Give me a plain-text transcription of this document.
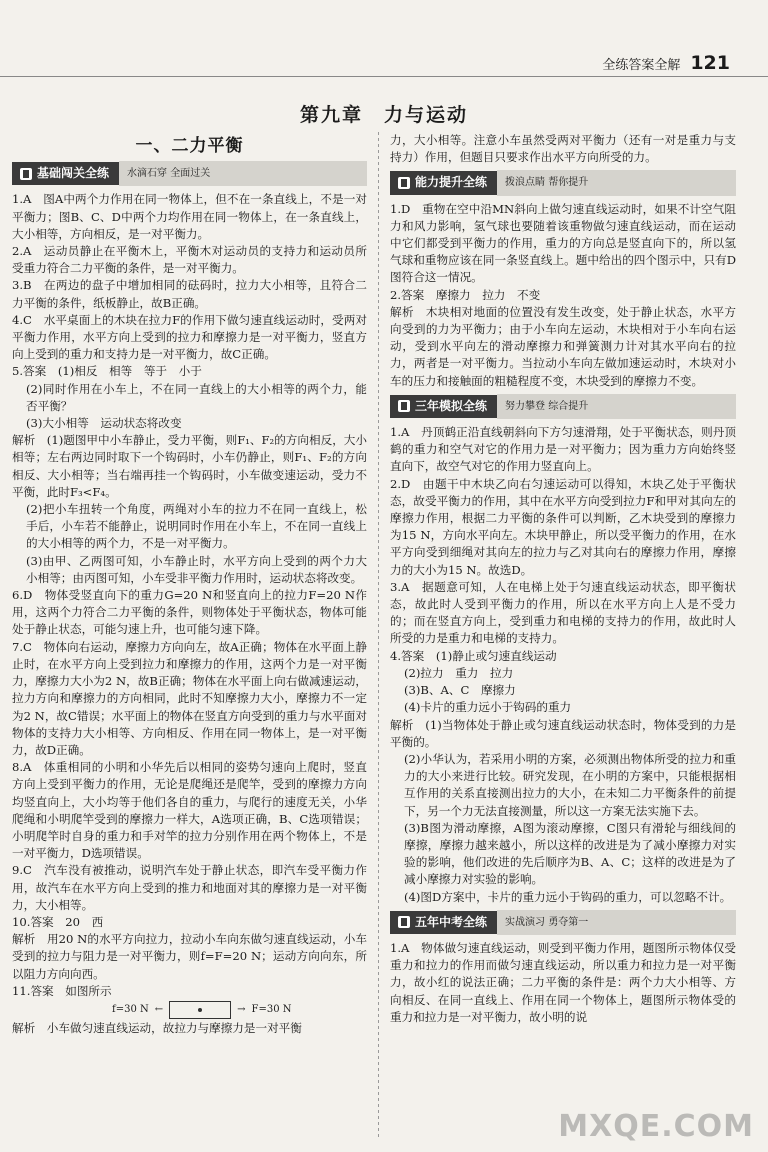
全练答案全解 121
第九章　力与运动
一、二力平衡
基础闯关全练	水滴石穿 全面过关

1.A　图A中两个力作用在同一物体上，但不在一条直线上，不是一对平衡力；图B、C、D中两个力均作用在同一物体上，在一条直线上，大小相等，方向相反，是一对平衡力。

2.A　运动员静止在平衡木上，平衡木对运动员的支持力和运动员所受重力符合二力平衡的条件，是一对平衡力。

3.B　在两边的盘子中增加相同的砝码时，拉力大小相等，且符合二力平衡的条件，纸板静止，故B正确。

4.C　水平桌面上的木块在拉力F的作用下做匀速直线运动时，受两对平衡力作用，水平方向上受到的拉力和摩擦力是一对平衡力，竖直方向上受到的重力和支持力是一对平衡力，故C正确。

5.答案　(1)相反　相等　等于　小于

(2)同时作用在小车上，不在同一直线上的大小相等的两个力，能否平衡？

(3)大小相等　运动状态将改变

解析　(1)题图甲中小车静止，受力平衡，则F₁、F₂的方向相反，大小相等；左右两边同时取下一个钩码时，小车仍静止，则F₁、F₂的方向相反、大小相等；当右端再挂一个钩码时，小车做变速运动，受力不平衡，此时F₃<F₄。

(2)把小车扭转一个角度，两绳对小车的拉力不在同一直线上，松手后，小车若不能静止，说明同时作用在小车上，不在同一直线上的大小相等的两个力，不是一对平衡力。

(3)由甲、乙两图可知，小车静止时，水平方向上受到的两个力大小相等；由丙图可知，小车受非平衡力作用时，运动状态将改变。

6.D　物体受竖直向下的重力G=20 N和竖直向上的拉力F=20 N作用，这两个力符合二力平衡的条件，则物体处于平衡状态，物体可能处于静止状态，可能匀速上升，也可能匀速下降。

7.C　物体向右运动，摩擦力方向向左，故A正确；物体在水平面上静止时，在水平方向上受到拉力和摩擦力的作用，这两个力是一对平衡力，摩擦力大小为2 N，故B正确；物体在水平面上向右做减速运动，拉力方向和摩擦力的方向相同，此时不知摩擦力大小，摩擦力不一定为2 N，故C错误；水平面上的物体在竖直方向受到的重力与水平面对物体的支持力大小相等、方向相反、作用在同一物体上，是一对平衡力，故D正确。

8.A　体重相同的小明和小华先后以相同的姿势匀速向上爬时，竖直方向上受到平衡力的作用，无论是爬绳还是爬竿，受到的摩擦力方向均竖直向上，大小均等于他们各自的重力，与爬行的速度无关，小华爬绳和小明爬竿受到的摩擦力一样大，A选项正确，B、C选项错误；小明爬竿时自身的重力和手对竿的拉力分别作用在两个物体上，不是一对平衡力，D选项错误。

9.C　汽车没有被推动，说明汽车处于静止状态，即汽车受平衡力作用，故汽车在水平方向上受到的推力和地面对其的摩擦力是一对平衡力，大小相等。

10.答案　20　西

解析　用20 N的水平方向拉力，拉动小车向东做匀速直线运动，小车受到的拉力与阻力是一对平衡力，则f=F=20 N；运动方向向东，所以阻力方向向西。

11.答案　如图所示

f=30 N ←	→ F=30 N

解析　小车做匀速直线运动，故拉力与摩擦力是一对平衡

力，大小相等。注意小车虽然受两对平衡力（还有一对是重力与支持力）作用，但题目只要求作出水平方向所受的力。

能力提升全练	拨浪点睛 帮你提升

1.D　重物在空中沿MN斜向上做匀速直线运动时，如果不计空气阻力和风力影响，氢气球也要随着该重物做匀速直线运动，而在运动中它们都受到平衡力的作用，重力的方向总是竖直向下的，所以氢气球和重物应该在同一条竖直线上。题中给出的四个图示中，只有D图符合这一情况。

2.答案　摩擦力　拉力　不变

解析　木块相对地面的位置没有发生改变，处于静止状态，水平方向受到的力为平衡力；由于小车向左运动，木块相对于小车向右运动，受到水平向左的滑动摩擦力和弹簧测力计对其水平向右的拉力，两者是一对平衡力。当拉动小车向左做加速运动时，木块对小车的压力和接触面的粗糙程度不变，木块受到的摩擦力不变。

三年模拟全练	努力攀登 综合提升

1.A　丹顶鹤正沿直线朝斜向下方匀速滑翔，处于平衡状态，则丹顶鹤的重力和空气对它的作用力是一对平衡力；因为重力方向始终竖直向下，故空气对它的作用力竖直向上。

2.D　由题干中木块乙向右匀速运动可以得知，木块乙处于平衡状态，故受平衡力的作用，其中在水平方向受到拉力F和甲对其向左的摩擦力作用，根据二力平衡的条件可以判断，乙木块受到的摩擦力为15 N，方向水平向左。木块甲静止，所以受平衡力的作用，在水平方向受到细绳对其向左的拉力与乙对其向右的摩擦力作用，摩擦力的大小为15 N。故选D。

3.A　据题意可知，人在电梯上处于匀速直线运动状态，即平衡状态，故此时人受到平衡力的作用，所以在水平方向上人是不受力的；而在竖直方向上，受到重力和电梯的支持力的作用，故此时人所受的力是重力和电梯的支持力。

4.答案　(1)静止或匀速直线运动

(2)拉力　重力　拉力

(3)B、A、C　摩擦力

(4)卡片的重力远小于钩码的重力

解析　(1)当物体处于静止或匀速直线运动状态时，物体受到的力是平衡的。

(2)小华认为，若采用小明的方案，必须测出物体所受的拉力和重力的大小来进行比较。研究发现，在小明的方案中，只能根据相互作用的关系直接测出拉力的大小，在未知二力平衡条件的前提下，另一个力无法直接测量，所以这一方案无法实施下去。

(3)B图为滑动摩擦，A图为滚动摩擦，C图只有滑轮与细线间的摩擦，摩擦力越来越小，所以这样的改进是为了减小摩擦力对实验的影响，他们改进的先后顺序为B、A、C；这样的改进是为了减小摩擦力对实验的影响。

(4)图D方案中，卡片的重力远小于钩码的重力，可以忽略不计。

五年中考全练	实战演习 勇夺第一

1.A　物体做匀速直线运动，则受到平衡力作用，题图所示物体仅受重力和拉力的作用而做匀速直线运动，所以重力和拉力是一对平衡力，故小红的说法正确；二力平衡的条件是：两个力大小相等、方向相反、在同一直线上、作用在同一个物体上，题图所示物体受的重力和拉力是一对平衡力，故小明的说

MXQE.COM
